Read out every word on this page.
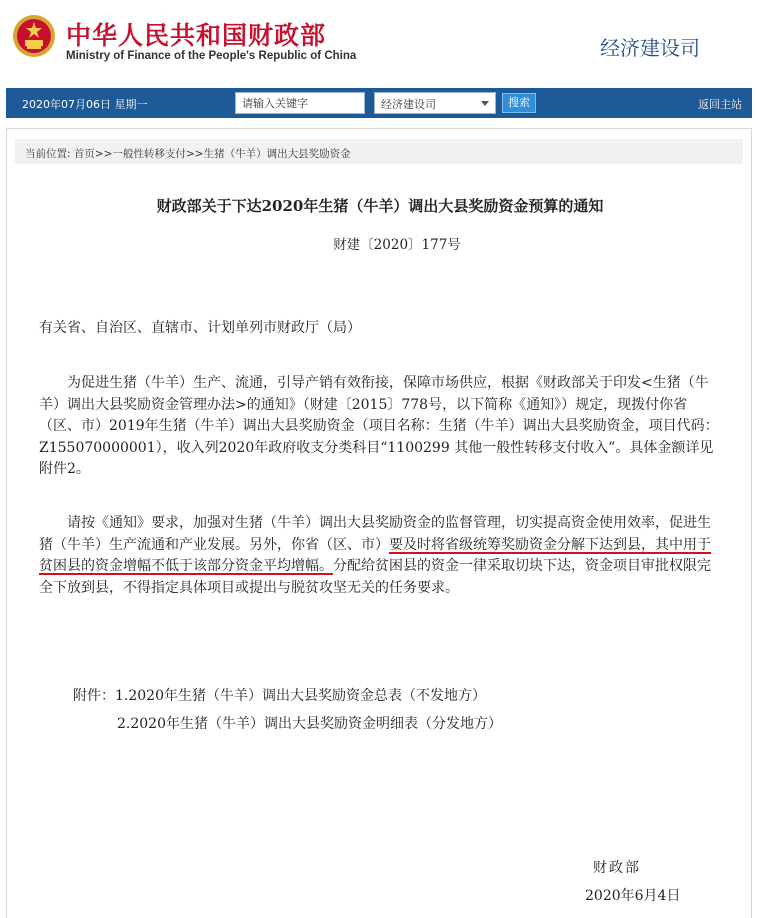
中华人民共和国财政部
Ministry of Finance of the People's Republic of China	经济建设司
2020年07月06日 星期一
请输入关键字	经济建设司	搜索	返回主站
当前位置: 首页>>一般性转移支付>>生猪（牛羊）调出大县奖励资金
财政部关于下达2020年生猪（牛羊）调出大县奖励资金预算的通知
财建〔2020〕177号
有关省、自治区、直辖市、计划单列市财政厅（局）
为促进生猪（牛羊）生产、流通，引导产销有效衔接，保障市场供应，根据《财政部关于印发<生猪（牛羊）调出大县奖励资金管理办法>的通知》（财建〔2015〕778号，以下简称《通知》）规定，现拨付你省（区、市）2019年生猪（牛羊）调出大县奖励资金（项目名称：生猪（牛羊）调出大县奖励资金，项目代码：Z155070000001），收入列2020年政府收支分类科目“1100299 其他一般性转移支付收入”。具体金额详见附件2。
请按《通知》要求，加强对生猪（牛羊）调出大县奖励资金的监督管理，切实提高资金使用效率，促进生猪（牛羊）生产流通和产业发展。另外，你省（区、市）要及时将省级统筹奖励资金分解下达到县，其中用于贫困县的资金增幅不低于该部分资金平均增幅。分配给贫困县的资金一律采取切块下达，资金项目审批权限完全下放到县，不得指定具体项目或提出与脱贫攻坚无关的任务要求。
附件：1.2020年生猪（牛羊）调出大县奖励资金总表（不发地方）
2.2020年生猪（牛羊）调出大县奖励资金明细表（分发地方）
财政部
2020年6月4日
